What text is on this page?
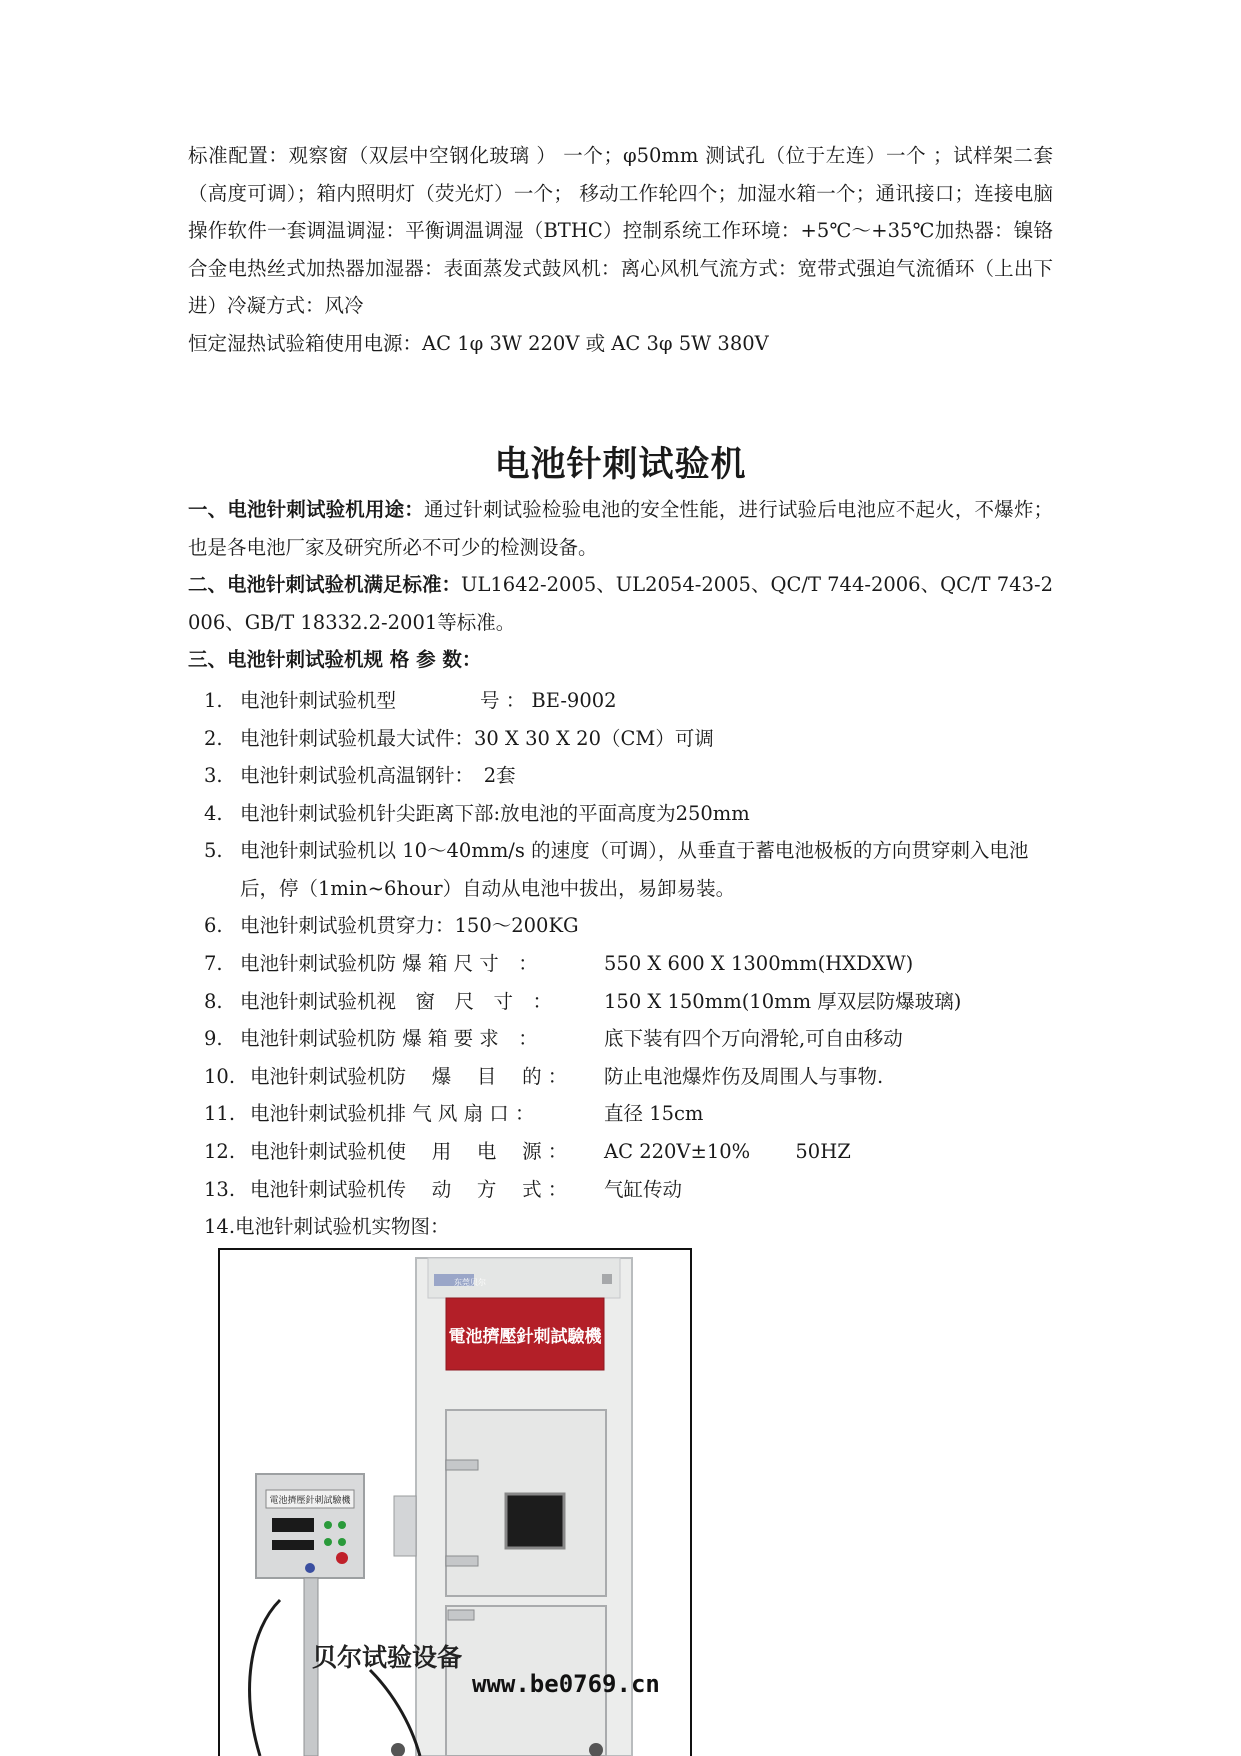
标准配置：观察窗（双层中空钢化玻璃 ） 一个；φ50mm 测试孔（位于左连）一个 ；试样架二套（高度可调）；箱内照明灯（荧光灯）一个； 移动工作轮四个；加湿水箱一个；通讯接口；连接电脑操作软件一套调温调湿：平衡调温调湿（BTHC）控制系统工作环境：+5℃～+35℃加热器：镍铬合金电热丝式加热器加湿器：表面蒸发式鼓风机：离心风机气流方式：宽带式强迫气流循环（上出下进）冷凝方式：风冷

恒定湿热试验箱使用电源：AC 1φ 3W 220V 或 AC 3φ 5W 380V

电池针刺试验机

一、电池针刺试验机用途：通过针刺试验检验电池的安全性能，进行试验后电池应不起火，不爆炸；也是各电池厂家及研究所必不可少的检测设备。

二、电池针刺试验机满足标准：UL1642-2005、UL2054-2005、QC/T 744-2006、QC/T 743-2006、GB/T 18332.2-2001等标准。

三、电池针刺试验机规 格 参 数：

1. 电池针刺试验机型	号 ： BE-9002
2. 电池针刺试验机最大试件：30 X 30 X 20（CM）可调
3. 电池针刺试验机高温钢针：　2套
4. 电池针刺试验机针尖距离下部:放电池的平面高度为250mm
5. 电池针刺试验机以 10～40mm/s 的速度（可调），从垂直于蓄电池极板的方向贯穿刺入电池后，停（1min~6hour）自动从电池中拔出，易卸易装。
6. 电池针刺试验机贯穿力：150～200KG
7. 电池针刺试验机防 爆 箱 尺 寸　：	550 X 600 X 1300mm(HXDXW)
8. 电池针刺试验机视　窗　尺　寸　：	150 X 150mm(10mm 厚双层防爆玻璃)
9. 电池针刺试验机防 爆 箱 要 求　：	底下装有四个万向滑轮,可自由移动
10. 电池针刺试验机防　 爆　 目　 的 ： 防止电池爆炸伤及周围人与事物.
11. 电池针刺试验机排 气 风 扇 口 ：	直径 15cm
12. 电池针刺试验机使　 用　 电　 源 ： AC 220V±10%　　 50HZ
13. 电池针刺试验机传　 动　 方　 式 ： 气缸传动
14.电池针刺试验机实物图：
電池擠壓針刺試驗機
东莞贝尔
電池擠壓針刺試驗機
贝尔试验设备
www.be0769.cn
